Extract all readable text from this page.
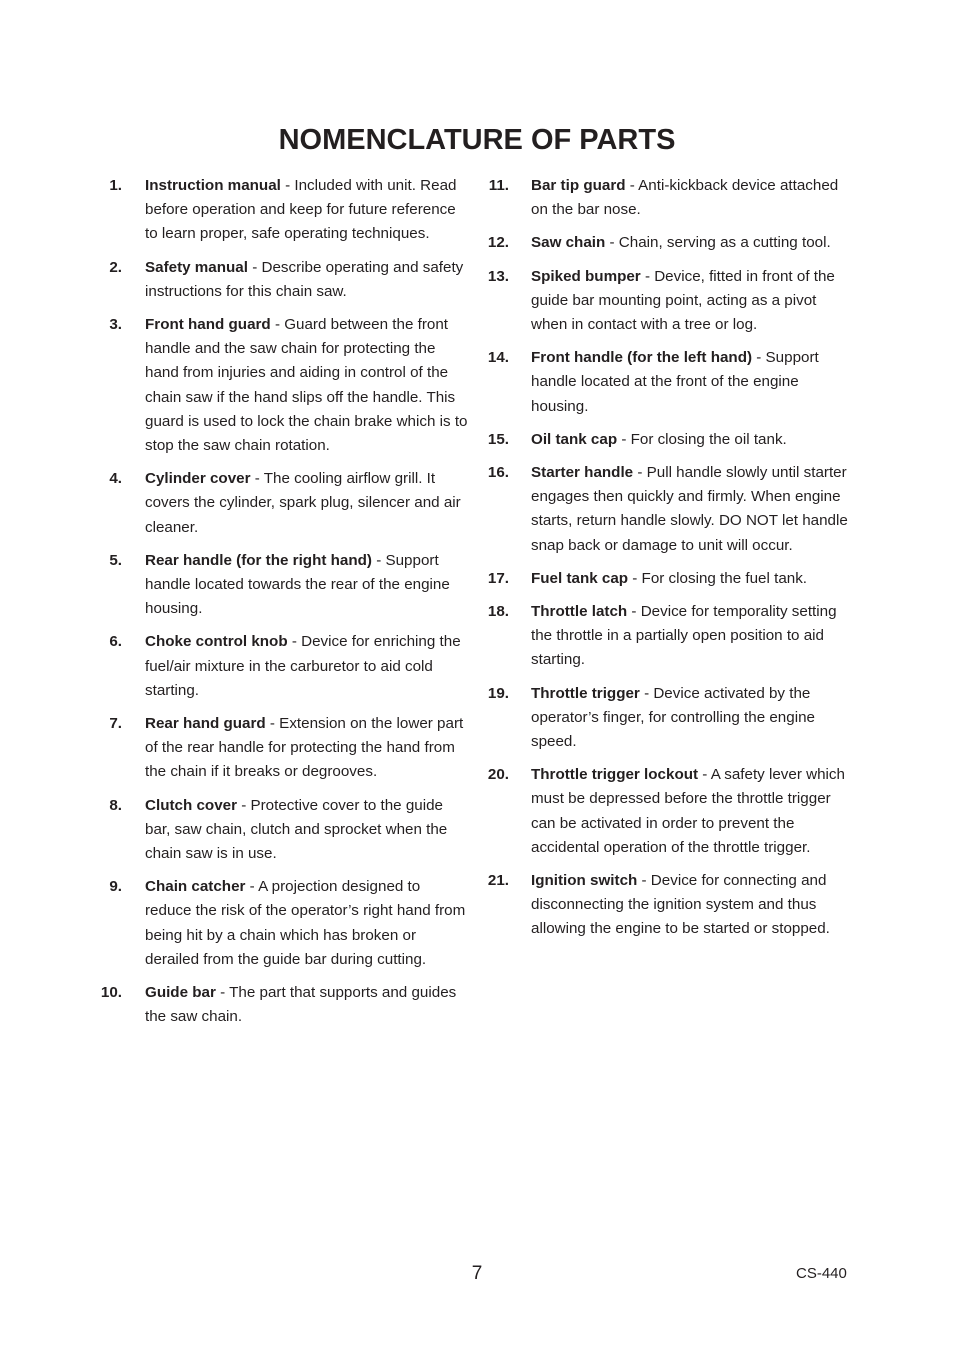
NOMENCLATURE OF PARTS
1. Instruction manual - Included with unit. Read before operation and keep for future reference to learn proper, safe operating techniques.
2. Safety manual - Describe operating and safety instructions for this chain saw.
3. Front hand guard - Guard between the front handle and the saw chain for protecting the hand from injuries and aiding in control of the chain saw if the hand slips off the handle. This guard is used to lock the chain brake which is to stop the saw chain rotation.
4. Cylinder cover - The cooling airflow grill. It covers the cylinder, spark plug, silencer and air cleaner.
5. Rear handle (for the right hand) - Support handle located towards the rear of the engine housing.
6. Choke control knob - Device for enriching the fuel/air mixture in the carburetor to aid cold starting.
7. Rear hand guard - Extension on the lower part of the rear handle for protecting the hand from the chain if it breaks or degrooves.
8. Clutch cover - Protective cover to the guide bar, saw chain, clutch and sprocket when the chain saw is in use.
9. Chain catcher - A projection designed to reduce the risk of the operator’s right hand from being hit by a chain which has broken or derailed from the guide bar during cutting.
10. Guide bar - The part that supports and guides the saw chain.
11. Bar tip guard - Anti-kickback device attached on the bar nose.
12. Saw chain - Chain, serving as a cutting tool.
13. Spiked bumper - Device, fitted in front of the guide bar mounting point, acting as a pivot when in contact with a tree or log.
14. Front handle (for the left hand) - Support handle located at the front of the engine housing.
15. Oil tank cap - For closing the oil tank.
16. Starter handle - Pull handle slowly until starter engages then quickly and firmly. When engine starts, return handle slowly. DO NOT let handle snap back or damage to unit will occur.
17. Fuel tank cap - For closing the fuel tank.
18. Throttle latch - Device for temporality setting the throttle in a partially open position to aid starting.
19. Throttle trigger - Device activated by the operator’s finger, for controlling the engine speed.
20. Throttle trigger lockout - A safety lever which must be depressed before the throttle trigger can be activated in order to prevent the accidental operation of the throttle trigger.
21. Ignition switch - Device for connecting and disconnecting the ignition system and thus allowing the engine to be started or stopped.
7	CS-440
